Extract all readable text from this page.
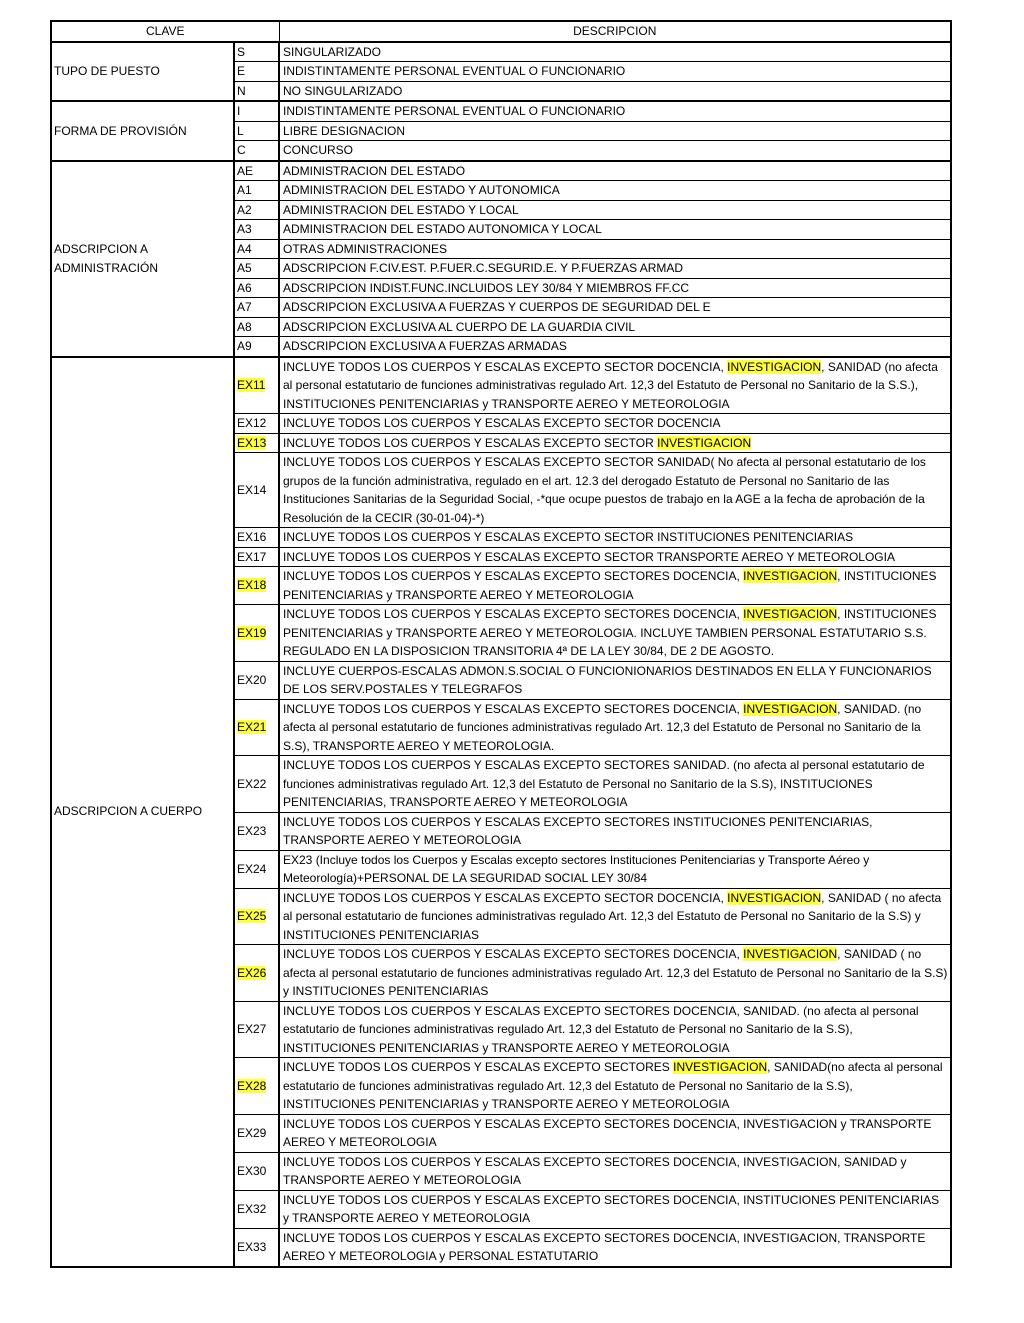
CLAVE		DESCRIPCION
TUPO DE PUESTO	S	SINGULARIZADO
	E	INDISTINTAMENTE PERSONAL EVENTUAL O FUNCIONARIO
	N	NO SINGULARIZADO
FORMA DE PROVISIÓN	I	INDISTINTAMENTE PERSONAL EVENTUAL O FUNCIONARIO
	L	LIBRE DESIGNACION
	C	CONCURSO
ADSCRIPCION A ADMINISTRACIÓN	AE	ADMINISTRACION DEL ESTADO
	A1	ADMINISTRACION DEL ESTADO Y AUTONOMICA
	A2	ADMINISTRACION DEL ESTADO Y LOCAL
	A3	ADMINISTRACION DEL ESTADO AUTONOMICA Y LOCAL
	A4	OTRAS ADMINISTRACIONES
	A5	ADSCRIPCION F.CIV.EST. P.FUER.C.SEGURID.E. Y P.FUERZAS ARMAD
	A6	ADSCRIPCION INDIST.FUNC.INCLUIDOS LEY 30/84 Y MIEMBROS FF.CC
	A7	ADSCRIPCION EXCLUSIVA A FUERZAS Y CUERPOS DE SEGURIDAD DEL E
	A8	ADSCRIPCION EXCLUSIVA AL CUERPO DE LA GUARDIA CIVIL
	A9	ADSCRIPCION EXCLUSIVA A FUERZAS ARMADAS
ADSCRIPCION A CUERPO	EX11	INCLUYE TODOS LOS CUERPOS Y ESCALAS EXCEPTO SECTOR DOCENCIA, INVESTIGACION, SANIDAD (no afecta al personal estatutario de funciones administrativas regulado Art. 12,3 del Estatuto de Personal no Sanitario de la S.S.), INSTITUCIONES PENITENCIARIAS y TRANSPORTE AEREO Y METEOROLOGIA
	EX12	INCLUYE TODOS LOS CUERPOS Y ESCALAS EXCEPTO SECTOR DOCENCIA
	EX13	INCLUYE TODOS LOS CUERPOS Y ESCALAS EXCEPTO SECTOR INVESTIGACION
	EX14	INCLUYE TODOS LOS CUERPOS Y ESCALAS EXCEPTO SECTOR SANIDAD( No afecta al personal estatutario de los grupos de la función administrativa, regulado en el art. 12.3 del derogado Estatuto de Personal no Sanitario de las Instituciones Sanitarias de la Seguridad Social, -*que ocupe puestos de trabajo en la AGE a la fecha de aprobación de la Resolución de la CECIR (30-01-04)-*)
	EX16	INCLUYE TODOS LOS CUERPOS Y ESCALAS EXCEPTO SECTOR INSTITUCIONES PENITENCIARIAS
	EX17	INCLUYE TODOS LOS CUERPOS Y ESCALAS EXCEPTO SECTOR TRANSPORTE AEREO Y METEOROLOGIA
	EX18	INCLUYE TODOS LOS CUERPOS Y ESCALAS EXCEPTO SECTORES DOCENCIA, INVESTIGACION, INSTITUCIONES PENITENCIARIAS y TRANSPORTE AEREO Y METEOROLOGIA
	EX19	INCLUYE TODOS LOS CUERPOS Y ESCALAS EXCEPTO SECTORES DOCENCIA, INVESTIGACION, INSTITUCIONES PENITENCIARIAS y TRANSPORTE AEREO Y METEOROLOGIA. INCLUYE TAMBIEN PERSONAL ESTATUTARIO S.S. REGULADO EN LA DISPOSICION TRANSITORIA 4ª DE LA LEY 30/84, DE 2 DE AGOSTO.
	EX20	INCLUYE CUERPOS-ESCALAS ADMON.S.SOCIAL O FUNCIONIONARIOS DESTINADOS EN ELLA Y FUNCIONARIOS DE LOS SERV.POSTALES Y TELEGRAFOS
	EX21	INCLUYE TODOS LOS CUERPOS Y ESCALAS EXCEPTO SECTORES DOCENCIA, INVESTIGACION, SANIDAD. (no afecta al personal estatutario de funciones administrativas regulado Art. 12,3 del Estatuto de Personal no Sanitario de la S.S), TRANSPORTE AEREO Y METEOROLOGIA.
	EX22	INCLUYE TODOS LOS CUERPOS Y ESCALAS EXCEPTO SECTORES SANIDAD. (no afecta al personal estatutario de funciones administrativas regulado Art. 12,3 del Estatuto de Personal no Sanitario de la S.S), INSTITUCIONES PENITENCIARIAS, TRANSPORTE AEREO Y METEOROLOGIA
	EX23	INCLUYE TODOS LOS CUERPOS Y ESCALAS EXCEPTO SECTORES INSTITUCIONES PENITENCIARIAS, TRANSPORTE AEREO Y METEOROLOGIA
	EX24	EX23 (Incluye todos los Cuerpos y Escalas excepto sectores Instituciones Penitenciarias y Transporte Aéreo y Meteorología)+PERSONAL DE LA SEGURIDAD SOCIAL LEY 30/84
	EX25	INCLUYE TODOS LOS CUERPOS Y ESCALAS EXCEPTO SECTOR DOCENCIA, INVESTIGACION, SANIDAD ( no afecta al personal estatutario de funciones administrativas regulado Art. 12,3 del Estatuto de Personal no Sanitario de la S.S) y INSTITUCIONES PENITENCIARIAS
	EX26	INCLUYE TODOS LOS CUERPOS Y ESCALAS EXCEPTO SECTORES DOCENCIA, INVESTIGACION, SANIDAD ( no afecta al personal estatutario de funciones administrativas regulado Art. 12,3 del Estatuto de Personal no Sanitario de la S.S) y INSTITUCIONES PENITENCIARIAS
	EX27	INCLUYE TODOS LOS CUERPOS Y ESCALAS EXCEPTO SECTORES DOCENCIA, SANIDAD. (no afecta al personal estatutario de funciones administrativas regulado Art. 12,3 del Estatuto de Personal no Sanitario de la S.S), INSTITUCIONES PENITENCIARIAS y TRANSPORTE AEREO Y METEOROLOGIA
	EX28	INCLUYE TODOS LOS CUERPOS Y ESCALAS EXCEPTO SECTORES INVESTIGACION, SANIDAD(no afecta al personal estatutario de funciones administrativas regulado Art. 12,3 del Estatuto de Personal no Sanitario de la S.S), INSTITUCIONES PENITENCIARIAS y TRANSPORTE AEREO Y METEOROLOGIA
	EX29	INCLUYE TODOS LOS CUERPOS Y ESCALAS EXCEPTO SECTORES DOCENCIA, INVESTIGACION y TRANSPORTE AEREO Y METEOROLOGIA
	EX30	INCLUYE TODOS LOS CUERPOS Y ESCALAS EXCEPTO SECTORES DOCENCIA, INVESTIGACION, SANIDAD y TRANSPORTE AEREO Y METEOROLOGIA
	EX32	INCLUYE TODOS LOS CUERPOS Y ESCALAS EXCEPTO SECTORES DOCENCIA, INSTITUCIONES PENITENCIARIAS y TRANSPORTE AEREO Y METEOROLOGIA
	EX33	INCLUYE TODOS LOS CUERPOS Y ESCALAS EXCEPTO SECTORES DOCENCIA, INVESTIGACION, TRANSPORTE AEREO Y METEOROLOGIA y PERSONAL ESTATUTARIO
